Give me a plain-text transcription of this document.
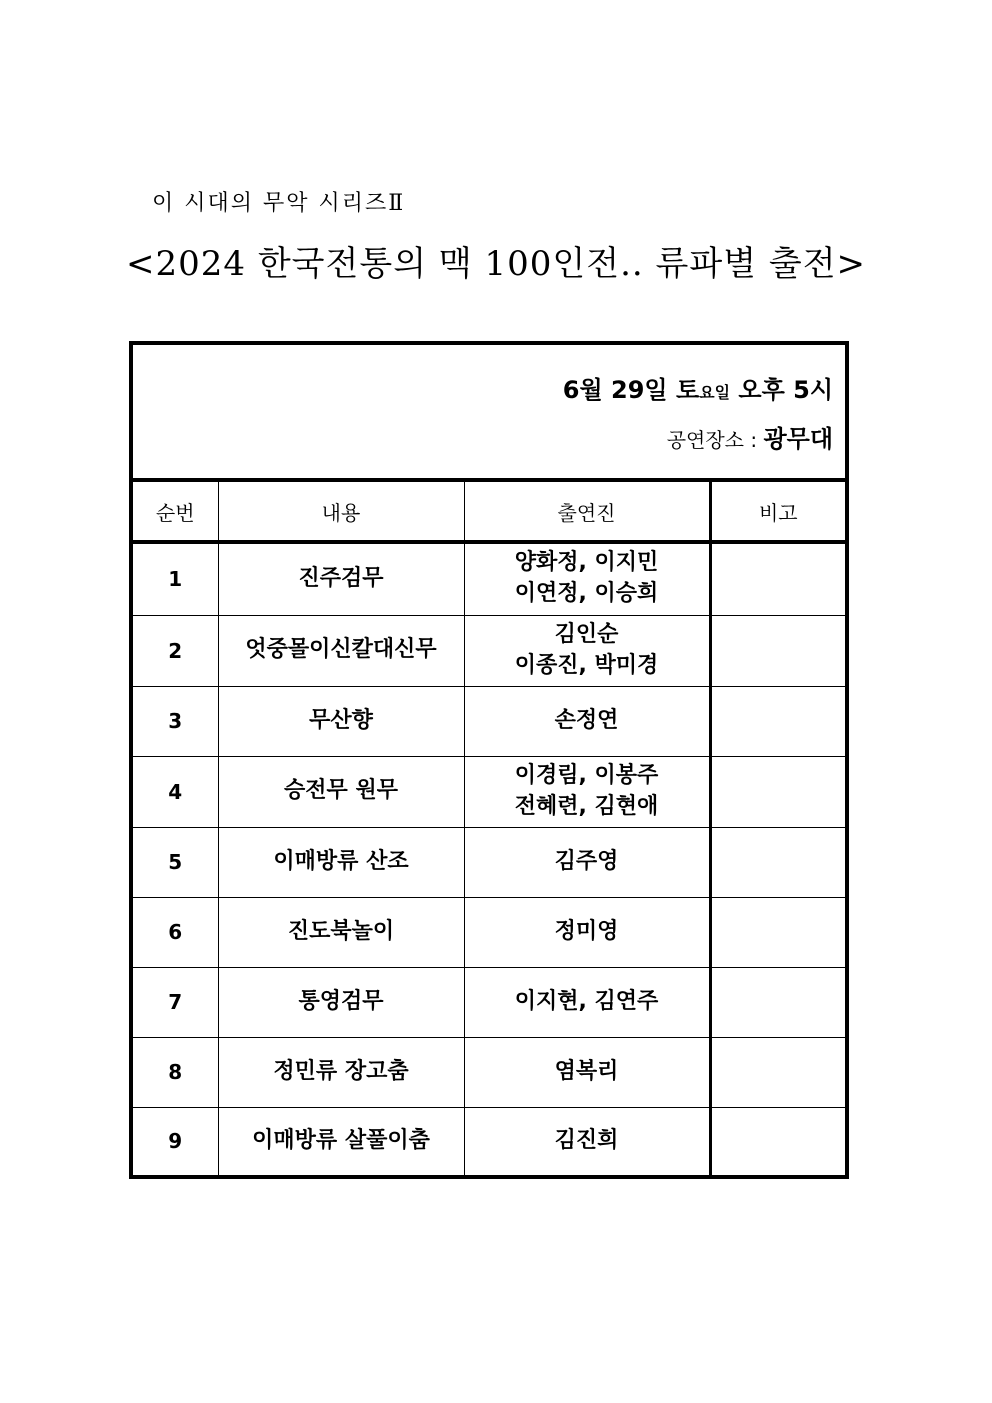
이 시대의 무악 시리즈Ⅱ
<2024 한국전통의 맥 100인전.. 류파별 출전>
6월 29일 토요일 오후 5시
공연장소 : 광무대			

순번	내용	출연진	비고
1	진주검무	양화정, 이지민
이연정, 이승희	

2	엇중몰이신칼대신무	김인순
이종진, 박미경	

3	무산향	손정연	

4	승전무 원무	이경림, 이봉주
전혜련, 김현애	

5	이매방류 산조	김주영	

6	진도북놀이	정미영	

7	통영검무	이지현, 김연주	

8	정민류 장고춤	염복리	

9	이매방류 살풀이춤	김진희	
